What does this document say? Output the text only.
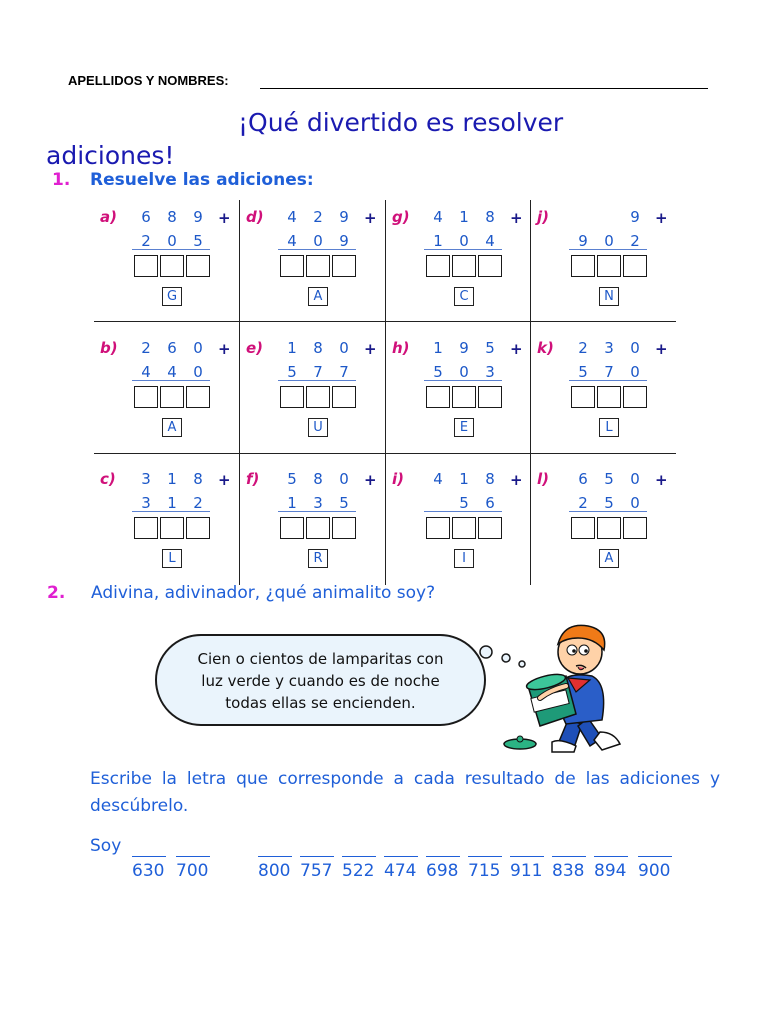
APELLIDOS Y NOMBRES:
¡Qué divertido es resolver
adiciones!
1. Resuelve las adiciones:
a)	6	8	9
2	0	5
+
G
d)	4	2	9
4	0	9
+
A
g)	4	1	8
1	0	4
+
C
j)	9
9	0	2
+
N
b)	2	6	0
4	4	0
+
A
e)	1	8	0
5	7	7
+
U
h)	1	9	5
5	0	3
+
E
k)	2	3	0
5	7	0
+
L
c)	3	1	8
3	1	2
+
L
f)	5	8	0
1	3	5
+
R
i)	4	1	8
5	6
+
I
l)	6	5	0
2	5	0
+
A
2. Adivina, adivinador, ¿qué animalito soy?
Cien o cientos de lamparitas con
luz verde y cuando es de noche
todas ellas se encienden.
Escribe la letra que corresponde a cada resultado de las adiciones y descúbrelo.
Soy
630 700	800 757 522 474 698 715 911 838 894 900
